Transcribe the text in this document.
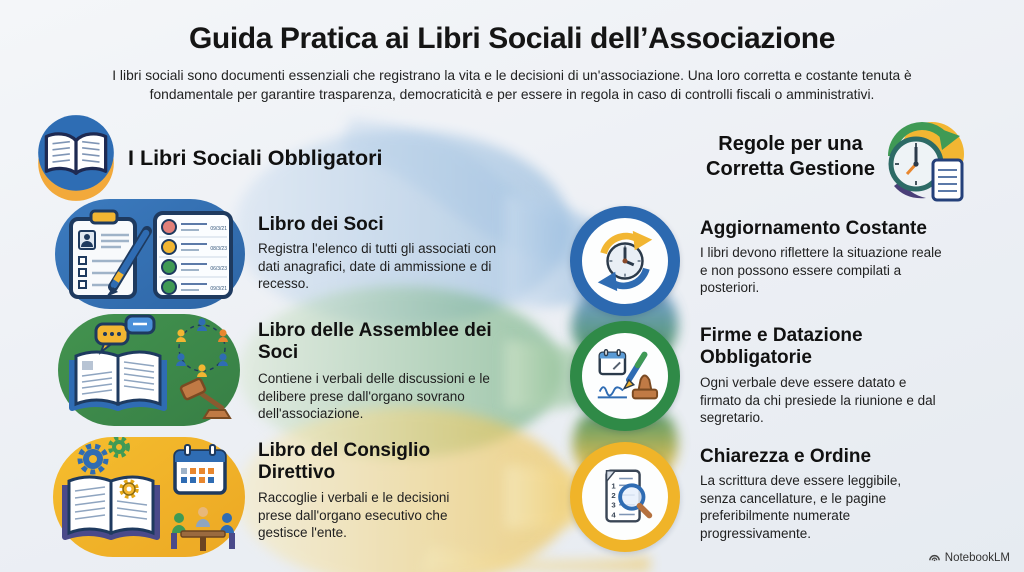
Guida Pratica ai Libri Sociali dell’Associazione
I libri sociali sono documenti essenziali che registrano la vita e le decisioni di un'associazione. Una loro corretta e costante tenuta è fondamentale per garantire trasparenza, democraticità e per essere in regola in caso di controlli fiscali o amministrativi.
I Libri Sociali Obbligatori
Regole per una Corretta Gestione
09/3/21
08/3/23
06/3/23
09/3/21
Libro dei Soci
Registra l'elenco di tutti gli associati con dati anagrafici, date di ammissione e di recesso.
Libro delle Assemblee dei Soci
Contiene i verbali delle discussioni e le delibere prese dall'organo sovrano dell'associazione.
Libro del Consiglio Direttivo
Raccoglie i verbali e le decisioni prese dall'organo esecutivo che gestisce l'ente.
Aggiornamento Costante
I libri devono riflettere la situazione reale e non possono essere compilati a posteriori.
Firme e Datazione Obbligatorie
Ogni verbale deve essere datato e firmato da chi presiede la riunione e dal segretario.
1
2
3
4
Chiarezza e Ordine
La scrittura deve essere leggibile, senza cancellature, e le pagine preferibilmente numerate progressivamente.
NotebookLM
